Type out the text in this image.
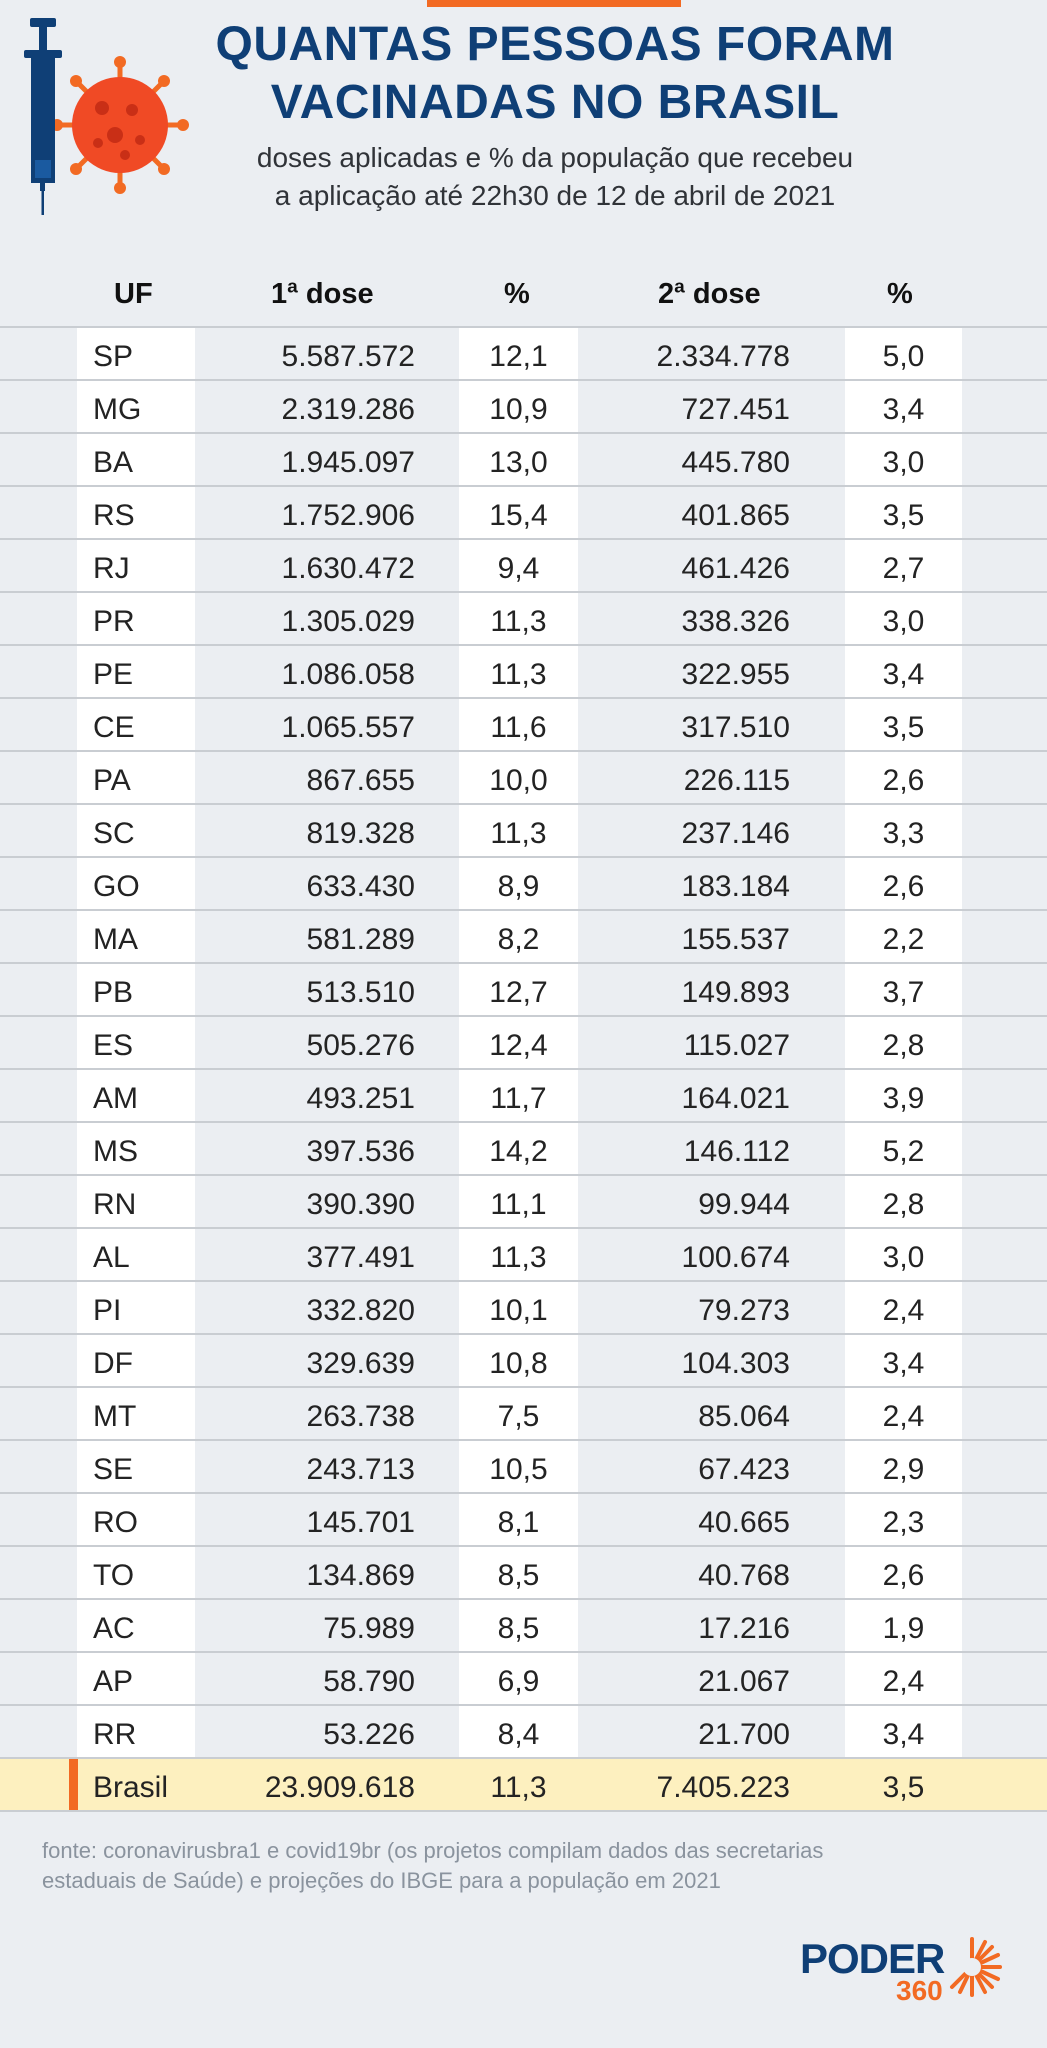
QUANTAS PESSOAS FORAM VACINADAS NO BRASIL
doses aplicadas e % da população que recebeu
a aplicação até 22h30 de 12 de abril de 2021
UF	1ª dose	%	2ª dose	%
SP	5.587.572	12,1	2.334.778	5,0
MG	2.319.286	10,9	727.451	3,4
BA	1.945.097	13,0	445.780	3,0
RS	1.752.906	15,4	401.865	3,5
RJ	1.630.472	9,4	461.426	2,7
PR	1.305.029	11,3	338.326	3,0
PE	1.086.058	11,3	322.955	3,4
CE	1.065.557	11,6	317.510	3,5
PA	867.655	10,0	226.115	2,6
SC	819.328	11,3	237.146	3,3
GO	633.430	8,9	183.184	2,6
MA	581.289	8,2	155.537	2,2
PB	513.510	12,7	149.893	3,7
ES	505.276	12,4	115.027	2,8
AM	493.251	11,7	164.021	3,9
MS	397.536	14,2	146.112	5,2
RN	390.390	11,1	99.944	2,8
AL	377.491	11,3	100.674	3,0
PI	332.820	10,1	79.273	2,4
DF	329.639	10,8	104.303	3,4
MT	263.738	7,5	85.064	2,4
SE	243.713	10,5	67.423	2,9
RO	145.701	8,1	40.665	2,3
TO	134.869	8,5	40.768	2,6
AC	75.989	8,5	17.216	1,9
AP	58.790	6,9	21.067	2,4
RR	53.226	8,4	21.700	3,4
Brasil	23.909.618	11,3	7.405.223	3,5
fonte: coronavirusbra1 e covid19br (os projetos compilam dados das secretarias
estaduais de Saúde) e projeções do IBGE para a população em 2021
PODER
360
